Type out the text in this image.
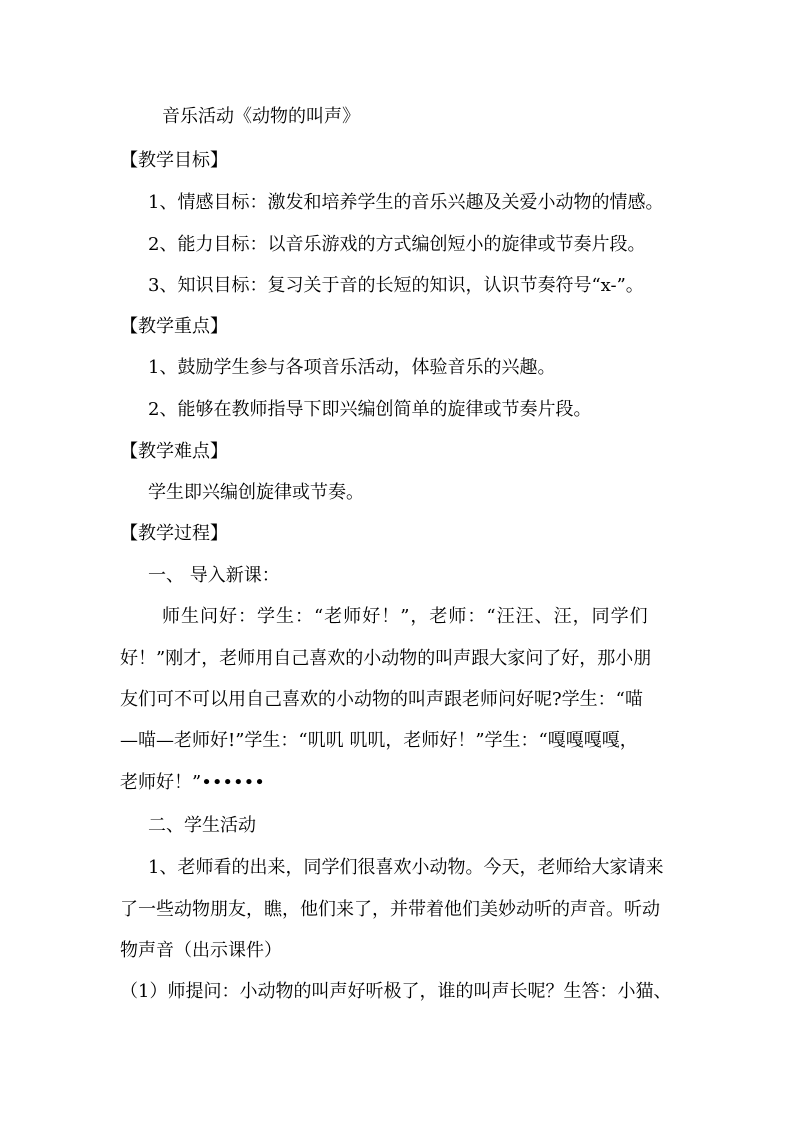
音乐活动《动物的叫声》
【教学目标】
1、情感目标：激发和培养学生的音乐兴趣及关爱小动物的情感。
2、能力目标：以音乐游戏的方式编创短小的旋律或节奏片段。
3、知识目标：复习关于音的长短的知识，认识节奏符号“x-”。
【教学重点】
1、鼓励学生参与各项音乐活动，体验音乐的兴趣。
2、能够在教师指导下即兴编创简单的旋律或节奏片段。
【教学难点】
学生即兴编创旋律或节奏。
【教学过程】
一、 导入新课：
师生问好：学生：“老师好！”，老师：“汪汪、汪，同学们
好！”刚才，老师用自己喜欢的小动物的叫声跟大家问了好，那小朋
友们可不可以用自己喜欢的小动物的叫声跟老师问好呢?学生：“喵
—喵—老师好!”学生：“叽叽 叽叽，老师好！”学生：“嘎嘎嘎嘎，
老师好！”••••••
二、学生活动
1、老师看的出来，同学们很喜欢小动物。今天，老师给大家请来
了一些动物朋友，瞧，他们来了，并带着他们美妙动听的声音。听动
物声音（出示课件）
（1）师提问：小动物的叫声好听极了，谁的叫声长呢？生答：小猫、
